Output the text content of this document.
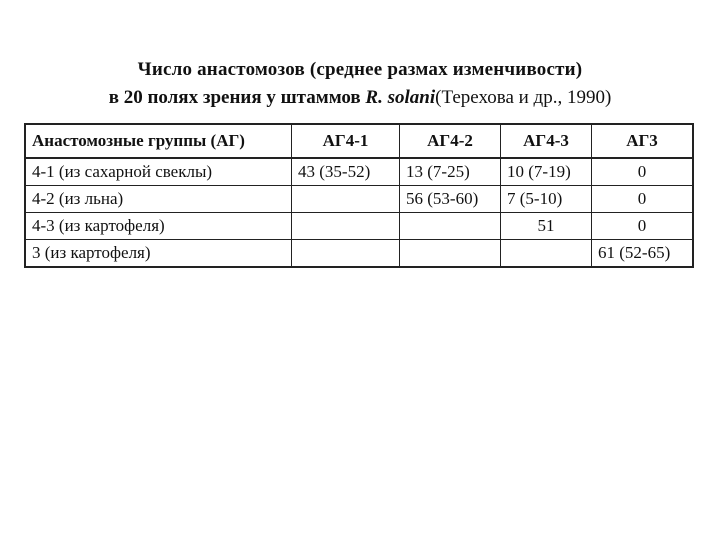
Число анастомозов (среднее размах изменчивости)
в 20 полях зрения у штаммов R. solani(Терехова и др., 1990)
Анастомозные группы (АГ)	АГ4-1	АГ4-2	АГ4-3	АГ3
4-1 (из сахарной свеклы)	43 (35-52)	13 (7-25)	10 (7-19)	0
4-2 (из льна)		56 (53-60)	7 (5-10)	0
4-3 (из картофеля)			51	0
3 (из картофеля)				61 (52-65)
